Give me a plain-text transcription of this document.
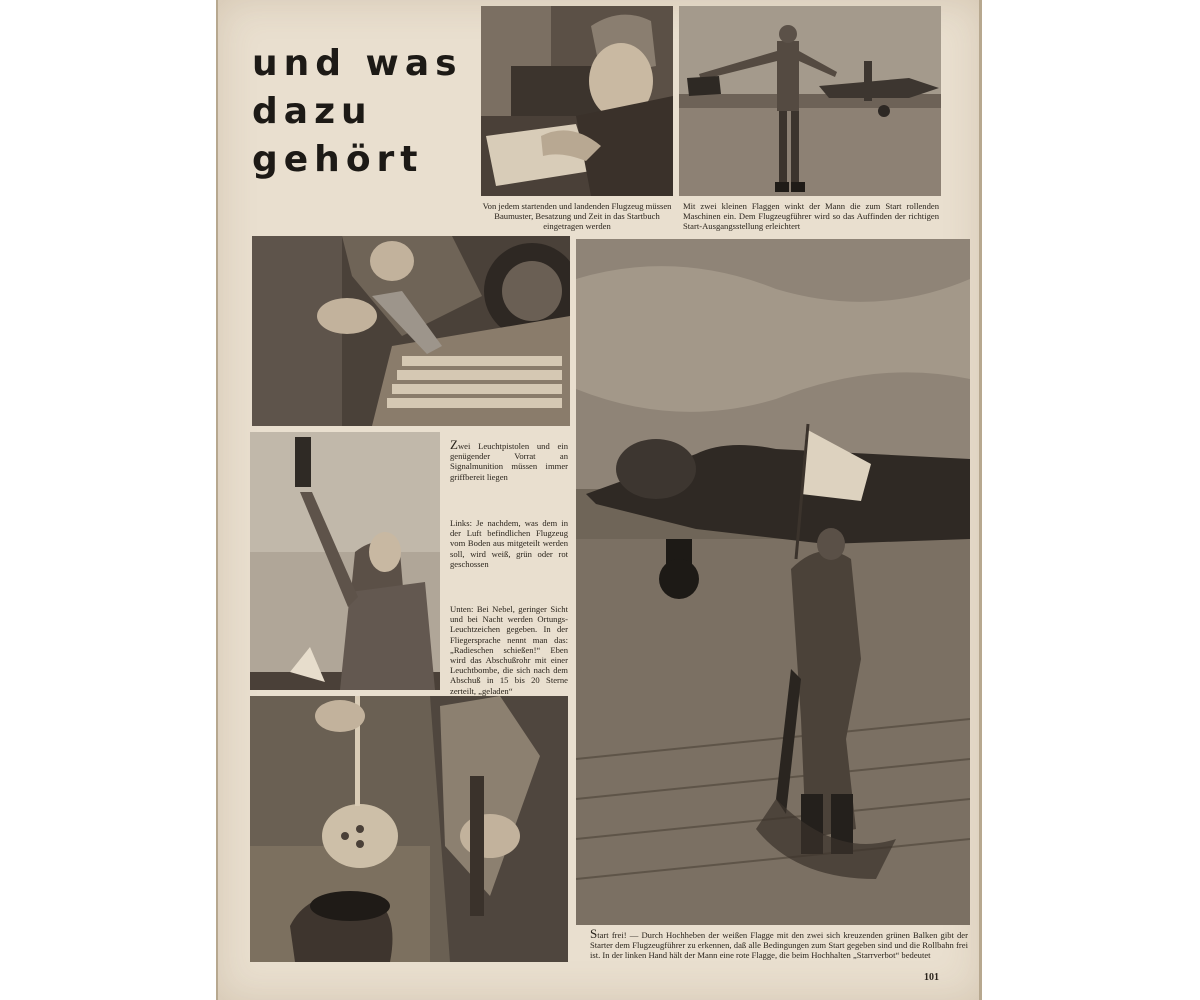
und was
dazu
gehört
Von jedem startenden und landenden Flugzeug müssen Baumuster, Besatzung und Zeit in das Startbuch eingetragen werden
Mit zwei kleinen Flaggen winkt der Mann die zum Start rollenden Maschinen ein. Dem Flugzeugführer wird so das Auffinden der richtigen Start-Ausgangsstellung erleichtert
Zwei Leuchtpistolen und ein genügender Vorrat an Signalmunition müssen immer griffbereit liegen
Links: Je nachdem, was dem in der Luft befindlichen Flugzeug vom Boden aus mitgeteilt werden soll, wird weiß, grün oder rot geschossen
Unten: Bei Nebel, geringer Sicht und bei Nacht werden Ortungs-Leuchtzeichen gegeben. In der Fliegersprache nennt man das: „Radieschen schießen!“ Eben wird das Abschußrohr mit einer Leuchtbombe, die sich nach dem Abschuß in 15 bis 20 Sterne zerteilt, „geladen“
Start frei! — Durch Hochheben der weißen Flagge mit den zwei sich kreuzenden grünen Balken gibt der Starter dem Flugzeugführer zu erkennen, daß alle Bedingungen zum Start gegeben sind und die Rollbahn frei ist. In der linken Hand hält der Mann eine rote Flagge, die beim Hochhalten „Starrverbot“ bedeutet
101
